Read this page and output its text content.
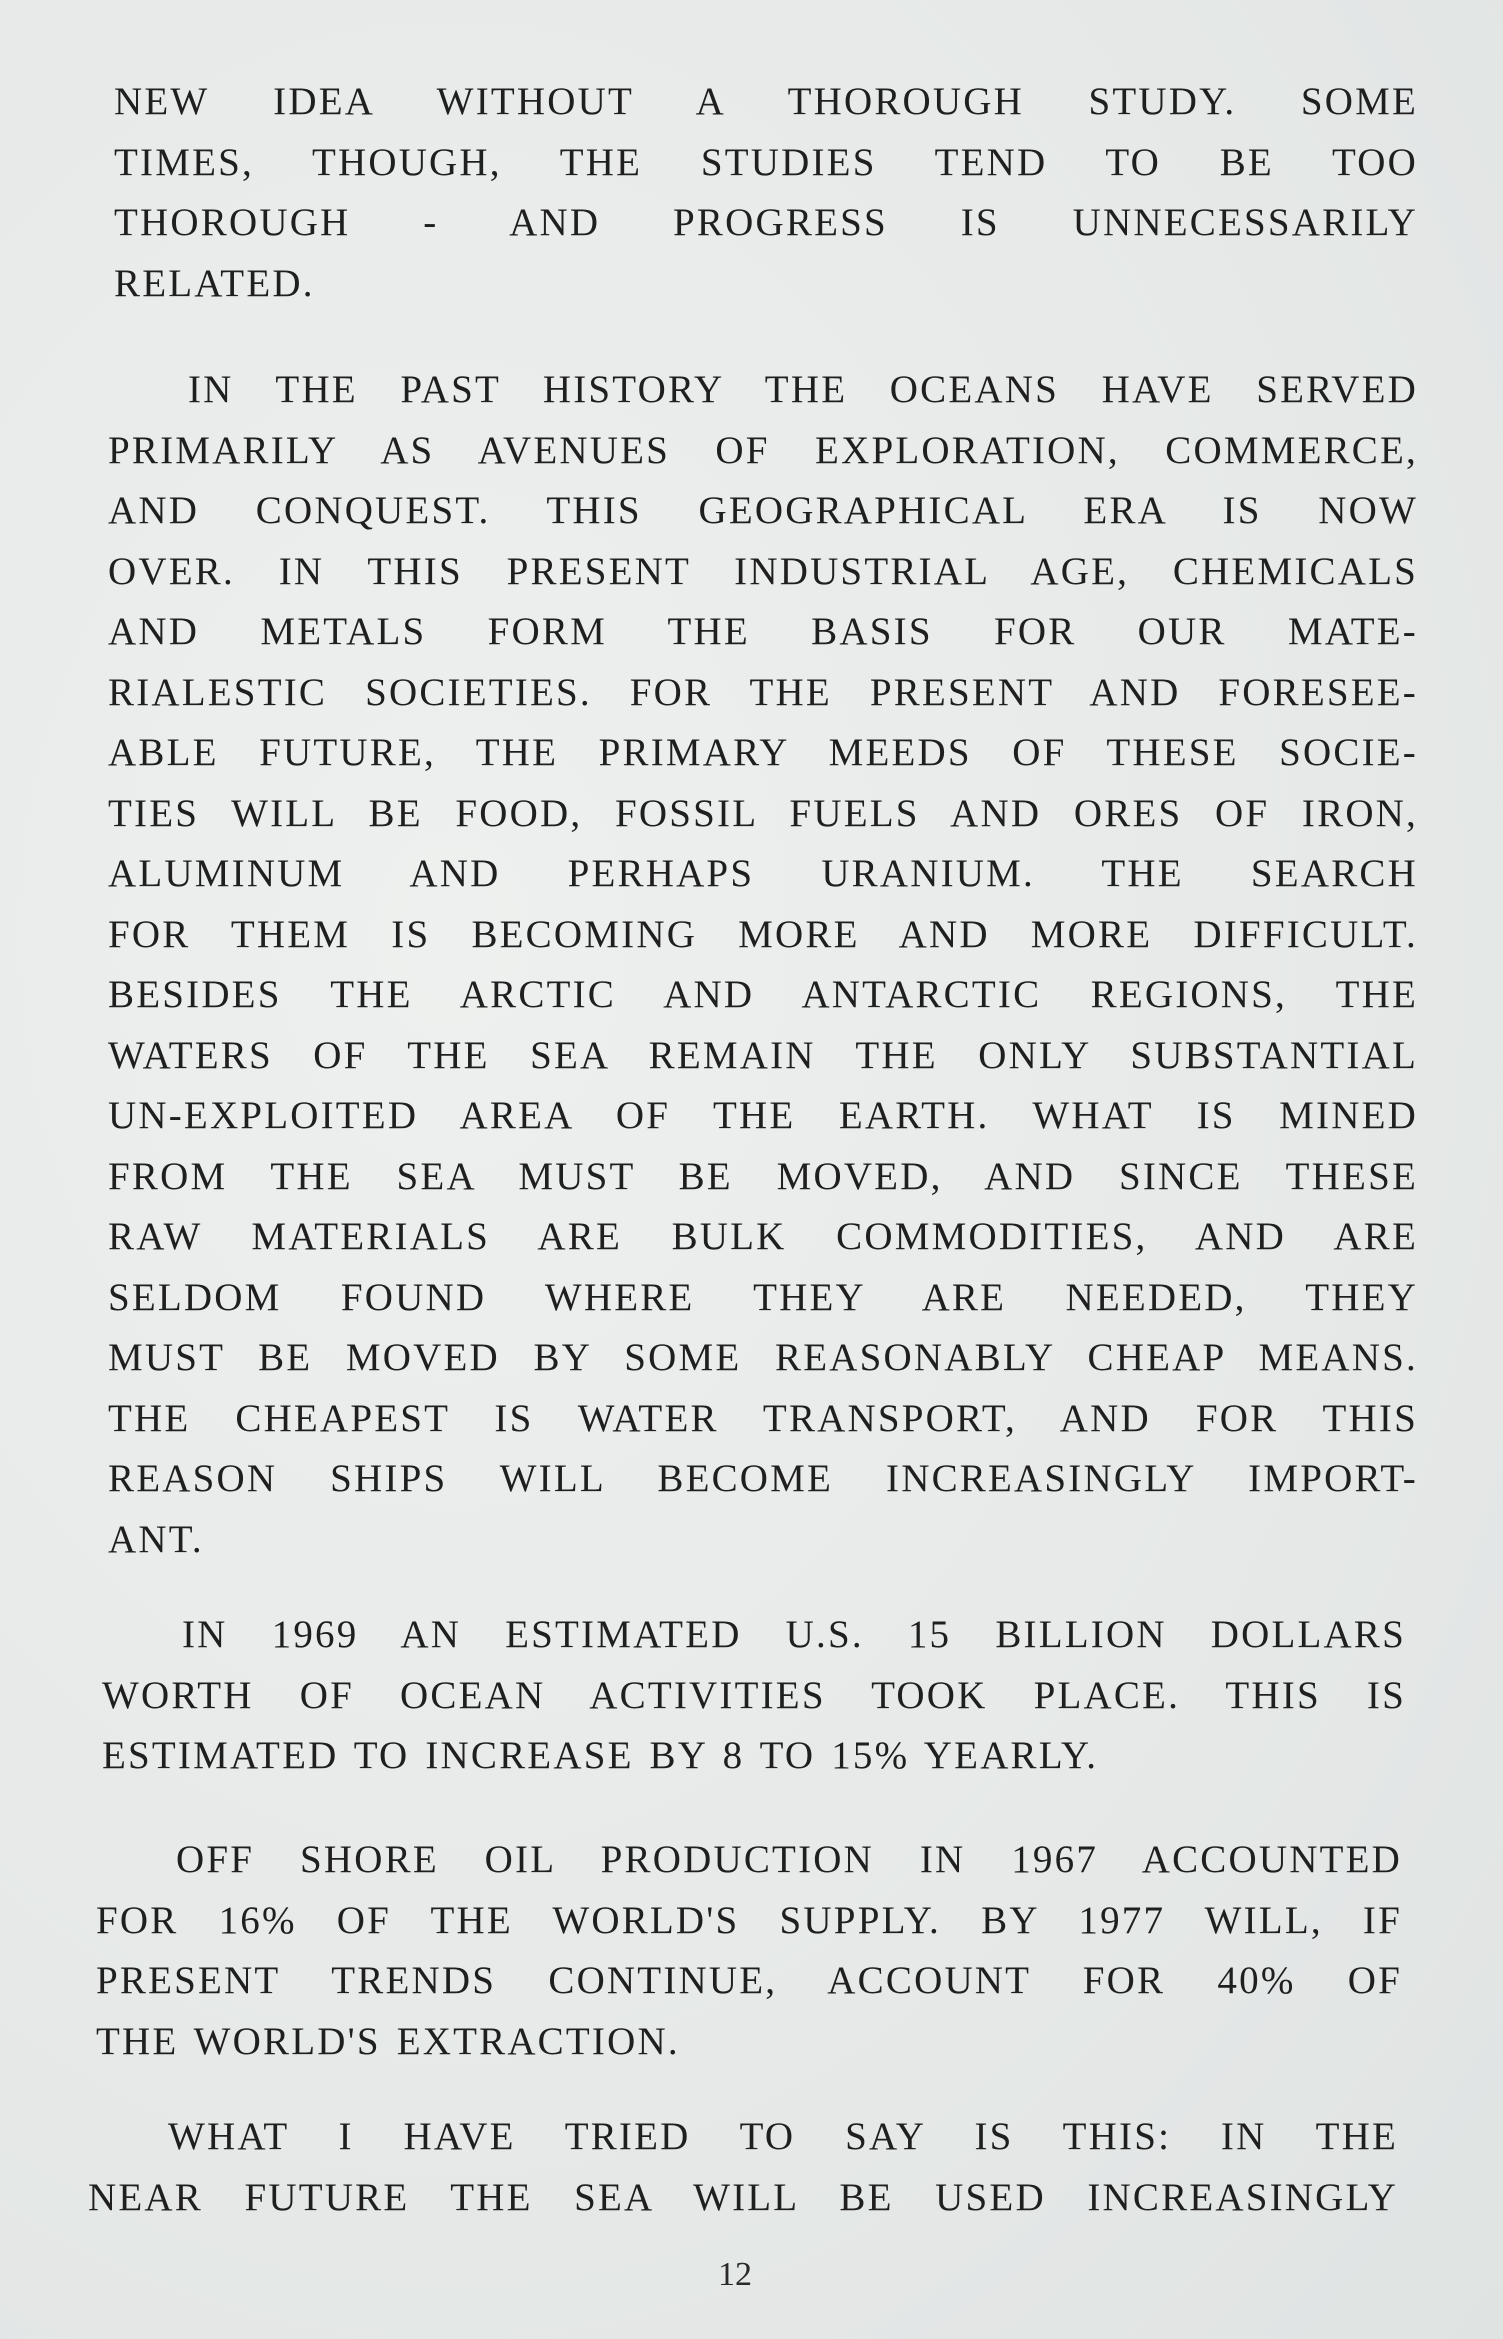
NEW IDEA WITHOUT A THOROUGH STUDY. SOME
TIMES, THOUGH, THE STUDIES TEND TO BE TOO
THOROUGH - AND PROGRESS IS UNNECESSARILY
RELATED.
IN THE PAST HISTORY THE OCEANS HAVE SERVED
PRIMARILY AS AVENUES OF EXPLORATION, COMMERCE,
AND CONQUEST. THIS GEOGRAPHICAL ERA IS NOW
OVER. IN THIS PRESENT INDUSTRIAL AGE, CHEMICALS
AND METALS FORM THE BASIS FOR OUR MATE-
RIALESTIC SOCIETIES. FOR THE PRESENT AND FORESEE-
ABLE FUTURE, THE PRIMARY MEEDS OF THESE SOCIE-
TIES WILL BE FOOD, FOSSIL FUELS AND ORES OF IRON,
ALUMINUM AND PERHAPS URANIUM. THE SEARCH
FOR THEM IS BECOMING MORE AND MORE DIFFICULT.
BESIDES THE ARCTIC AND ANTARCTIC REGIONS, THE
WATERS OF THE SEA REMAIN THE ONLY SUBSTANTIAL
UN-EXPLOITED AREA OF THE EARTH. WHAT IS MINED
FROM THE SEA MUST BE MOVED, AND SINCE THESE
RAW MATERIALS ARE BULK COMMODITIES, AND ARE
SELDOM FOUND WHERE THEY ARE NEEDED, THEY
MUST BE MOVED BY SOME REASONABLY CHEAP MEANS.
THE CHEAPEST IS WATER TRANSPORT, AND FOR THIS
REASON SHIPS WILL BECOME INCREASINGLY IMPORT-
ANT.
IN 1969 AN ESTIMATED U.S. 15 BILLION DOLLARS
WORTH OF OCEAN ACTIVITIES TOOK PLACE. THIS IS
ESTIMATED TO INCREASE BY 8 TO 15% YEARLY.
OFF SHORE OIL PRODUCTION IN 1967 ACCOUNTED
FOR 16% OF THE WORLD'S SUPPLY. BY 1977 WILL, IF
PRESENT TRENDS CONTINUE, ACCOUNT FOR 40% OF
THE WORLD'S EXTRACTION.
WHAT I HAVE TRIED TO SAY IS THIS: IN THE
NEAR FUTURE THE SEA WILL BE USED INCREASINGLY
12
